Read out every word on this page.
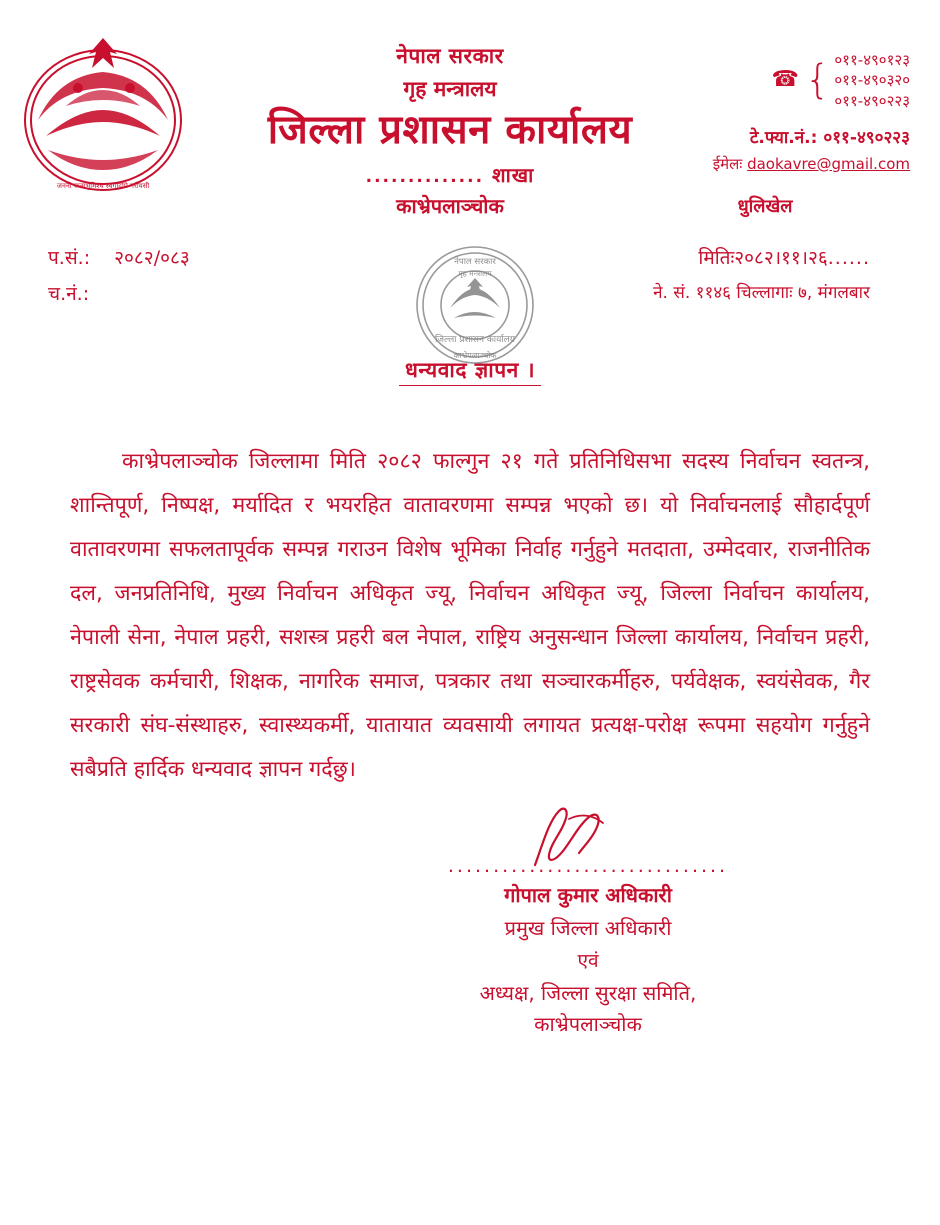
जननी जन्मभूमिश्च स्वर्गादपि गरीयसी
नेपाल सरकार
गृह मन्त्रालय
जिल्ला प्रशासन कार्यालय
.............. शाखा
काभ्रेपलाञ्चोक
☎ { ०११-४९०१२३
०११-४९०३२०
०११-४९०२२३
टे.फ्या.नं.: ०११-४९०२२३
ईमेलः daokavre@gmail.com
धुलिखेल
प.सं.: २०८२/०८३
च.नं.:
नेपाल सरकार
जिल्ला प्रशासन कार्यालय
काभ्रेपलाञ्चोक
गृह मन्त्रालय
मितिः२०८२।११।२६......
ने. सं. ११४६ चिल्लागाः ७, मंगलबार
धन्यवाद ज्ञापन ।
काभ्रेपलाञ्चोक जिल्लामा मिति २०८२ फाल्गुन २१ गते प्रतिनिधिसभा सदस्य निर्वाचन स्वतन्त्र, शान्तिपूर्ण, निष्पक्ष, मर्यादित र भयरहित वातावरणमा सम्पन्न भएको छ। यो निर्वाचनलाई सौहार्दपूर्ण वातावरणमा सफलतापूर्वक सम्पन्न गराउन विशेष भूमिका निर्वाह गर्नुहुने मतदाता, उम्मेदवार, राजनीतिक दल, जनप्रतिनिधि, मुख्य निर्वाचन अधिकृत ज्यू, निर्वाचन अधिकृत ज्यू, जिल्ला निर्वाचन कार्यालय, नेपाली सेना, नेपाल प्रहरी, सशस्त्र प्रहरी बल नेपाल, राष्ट्रिय अनुसन्धान जिल्ला कार्यालय, निर्वाचन प्रहरी, राष्ट्रसेवक कर्मचारी, शिक्षक, नागरिक समाज, पत्रकार तथा सञ्चारकर्मीहरु, पर्यवेक्षक, स्वयंसेवक, गैर सरकारी संघ-संस्थाहरु, स्वास्थ्यकर्मी, यातायात व्यवसायी लगायत प्रत्यक्ष-परोक्ष रूपमा सहयोग गर्नुहुने सबैप्रति हार्दिक धन्यवाद ज्ञापन गर्दछु।
...............................
गोपाल कुमार अधिकारी
प्रमुख जिल्ला अधिकारी
एवं
अध्यक्ष, जिल्ला सुरक्षा समिति,
काभ्रेपलाञ्चोक
